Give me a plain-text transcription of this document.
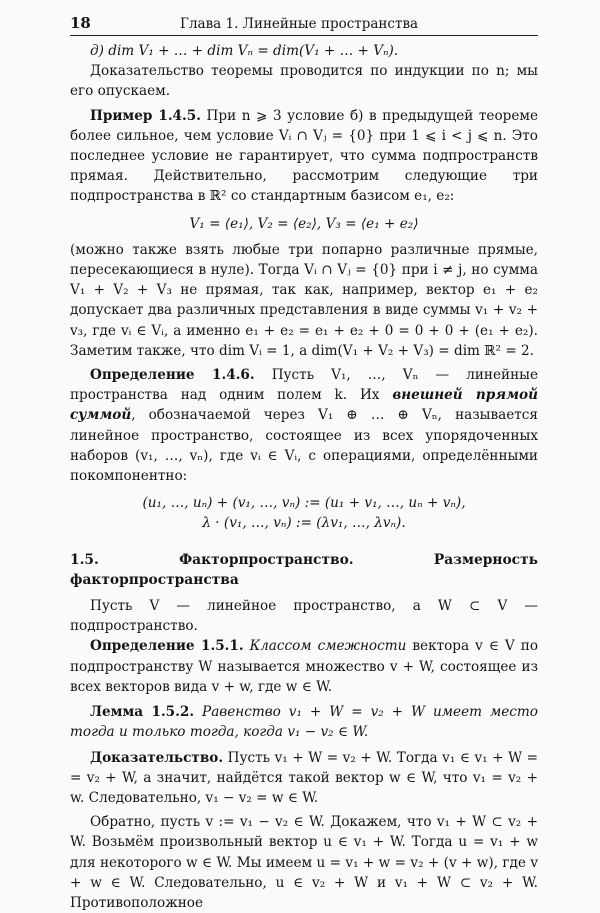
18	Глава 1. Линейные пространства

д) dim V₁ + … + dim Vₙ = dim(V₁ + … + Vₙ).

Доказательство теоремы проводится по индукции по n; мы его опускаем.

Пример 1.4.5. При n ⩾ 3 условие б) в предыдущей теореме более сильное, чем условие Vᵢ ∩ Vⱼ = {0} при 1 ⩽ i < j ⩽ n. Это последнее условие не гарантирует, что сумма подпространств прямая. Действительно, рассмотрим следующие три подпространства в ℝ² со стандартным базисом e₁, e₂:

V₁ = ⟨e₁⟩, V₂ = ⟨e₂⟩, V₃ = ⟨e₁ + e₂⟩

(можно также взять любые три попарно различные прямые, пересекающиеся в нуле). Тогда Vᵢ ∩ Vⱼ = {0} при i ≠ j, но сумма V₁ + V₂ + V₃ не прямая, так как, например, вектор e₁ + e₂ допускает два различных представления в виде суммы v₁ + v₂ + v₃, где vᵢ ∈ Vᵢ, а именно e₁ + e₂ = e₁ + e₂ + 0 = 0 + 0 + (e₁ + e₂). Заметим также, что dim Vᵢ = 1, а dim(V₁ + V₂ + V₃) = dim ℝ² = 2.

Определение 1.4.6. Пусть V₁, …, Vₙ — линейные пространства над одним полем k. Их внешней прямой суммой, обозначаемой через V₁ ⊕ … ⊕ Vₙ, называется линейное пространство, состоящее из всех упорядоченных наборов (v₁, …, vₙ), где vᵢ ∈ Vᵢ, с операциями, определёнными покомпонентно:

(u₁, …, uₙ) + (v₁, …, vₙ) := (u₁ + v₁, …, uₙ + vₙ),
λ · (v₁, …, vₙ) := (λv₁, …, λvₙ).
1.5. Факторпространство. Размерность факторпространства

Пусть V — линейное пространство, а W ⊂ V — подпространство.

Определение 1.5.1. Классом смежности вектора v ∈ V по подпространству W называется множество v + W, состоящее из всех векторов вида v + w, где w ∈ W.

Лемма 1.5.2. Равенство v₁ + W = v₂ + W имеет место тогда и только тогда, когда v₁ − v₂ ∈ W.

Доказательство. Пусть v₁ + W = v₂ + W. Тогда v₁ ∈ v₁ + W = = v₂ + W, а значит, найдётся такой вектор w ∈ W, что v₁ = v₂ + w. Следовательно, v₁ − v₂ = w ∈ W.

Обратно, пусть v := v₁ − v₂ ∈ W. Докажем, что v₁ + W ⊂ v₂ + W. Возьмём произвольный вектор u ∈ v₁ + W. Тогда u = v₁ + w для некоторого w ∈ W. Мы имеем u = v₁ + w = v₂ + (v + w), где v + w ∈ W. Следовательно, u ∈ v₂ + W и v₁ + W ⊂ v₂ + W. Противоположное
